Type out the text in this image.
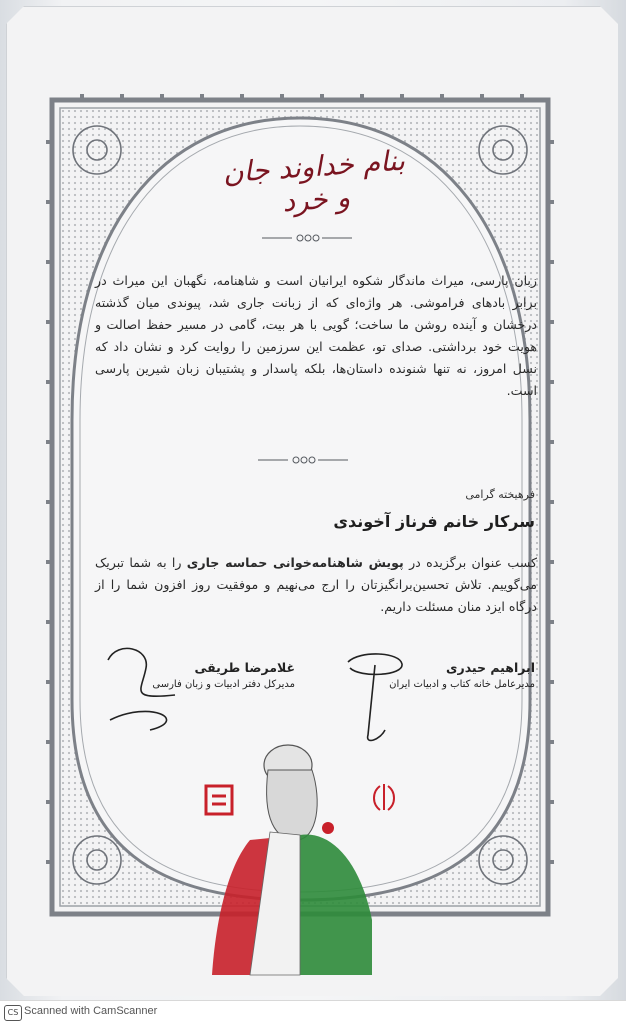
بنام خداوند جان و خرد
زبان پارسی، میراث ماندگار شکوه ایرانیان است و شاهنامه، نگهبان این میراث در برابر بادهای فراموشی. هر واژه‌ای که از زبانت جاری شد، پیوندی میان گذشته درخشان و آینده روشن ما ساخت؛ گویی با هر بیت، گامی در مسیر حفظ اصالت و هویت خود برداشتی. صدای تو، عظمت این سرزمین را روایت کرد و نشان داد که نسل امروز، نه تنها شنونده داستان‌ها، بلکه پاسدار و پشتیبان زبان شیرین پارسی است.
فرهیخته گرامی
سرکار خانم فرناز آخوندی
کسب عنوان برگزیده در پویش شاهنامه‌خوانی حماسه جاری را به شما تبریک می‌گوییم. تلاش تحسین‌برانگیزتان را ارج می‌نهیم و موفقیت روز افزون شما را از درگاه ایزد منان مسئلت داریم.
ابراهیم حیدری
مدیرعامل خانه کتاب و ادبیات ایران
غلامرضا طریقی
مدیرکل دفتر ادبیات و زبان فارسی
CS Scanned with CamScanner
